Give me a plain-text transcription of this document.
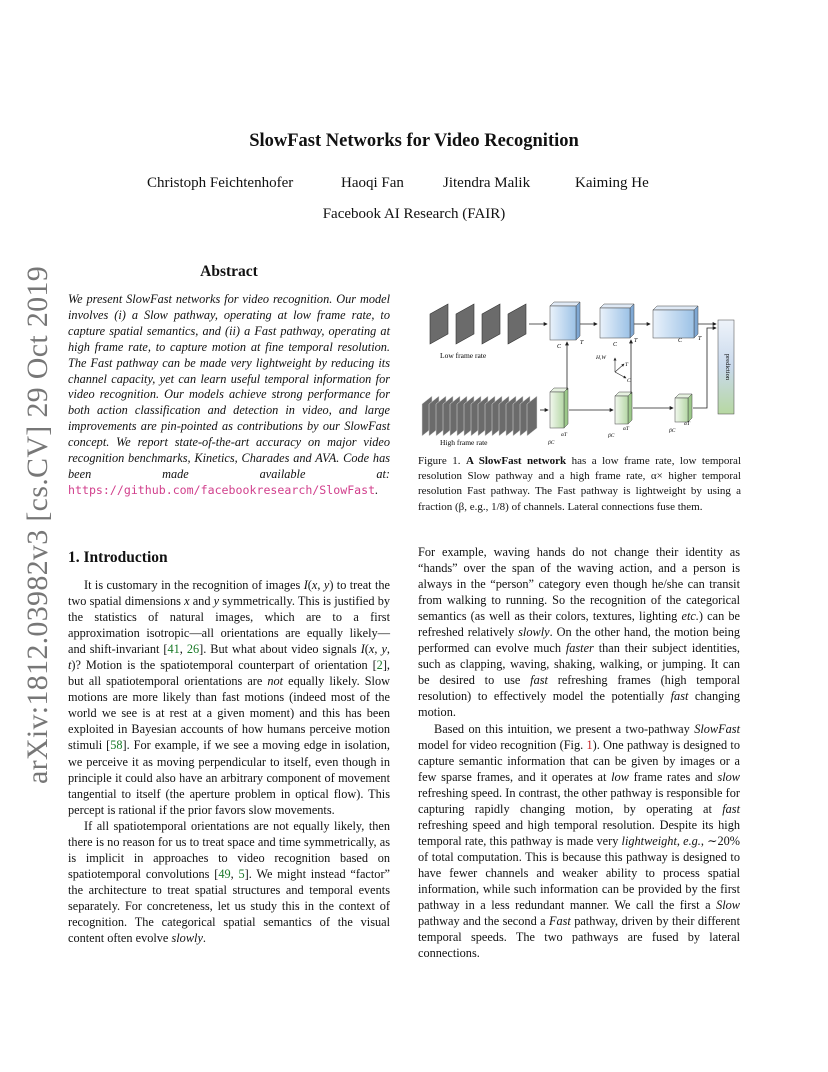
arXiv:1812.03982v3 [cs.CV] 29 Oct 2019
SlowFast Networks for Video Recognition
Christoph Feichtenhofer	Haoqi Fan	Jitendra Malik	Kaiming He
Facebook AI Research (FAIR)
Abstract
We present SlowFast networks for video recognition. Our model involves (i) a Slow pathway, operating at low frame rate, to capture spatial semantics, and (ii) a Fast pathway, operating at high frame rate, to capture motion at fine temporal resolution. The Fast pathway can be made very lightweight by reducing its channel capacity, yet can learn useful temporal information for video recognition. Our models achieve strong performance for both action classification and detection in video, and large improvements are pin-pointed as contributions by our SlowFast concept. We report state-of-the-art accuracy on major video recognition benchmarks, Kinetics, Charades and AVA. Code has been made available at: https://github.com/facebookresearch/SlowFast.
Low frame rate
High frame rate
C
T	C
T	C	T
H,W
T
C
αT
βC
αT
βC
αT
βC
prediction
Figure 1. A SlowFast network has a low frame rate, low temporal resolution Slow pathway and a high frame rate, α× higher temporal resolution Fast pathway. The Fast pathway is lightweight by using a fraction (β, e.g., 1/8) of channels. Lateral connections fuse them.
1. Introduction

It is customary in the recognition of images I(x, y) to treat the two spatial dimensions x and y symmetrically. This is justified by the statistics of natural images, which are to a first approximation isotropic—all orientations are equally likely—and shift-invariant [41, 26]. But what about video signals I(x, y, t)? Motion is the spatiotemporal counterpart of orientation [2], but all spatiotemporal orientations are not equally likely. Slow motions are more likely than fast motions (indeed most of the world we see is at rest at a given moment) and this has been exploited in Bayesian accounts of how humans perceive motion stimuli [58]. For example, if we see a moving edge in isolation, we perceive it as moving perpendicular to itself, even though in principle it could also have an arbitrary component of movement tangential to itself (the aperture problem in optical flow). This percept is rational if the prior favors slow movements.

If all spatiotemporal orientations are not equally likely, then there is no reason for us to treat space and time symmetrically, as is implicit in approaches to video recognition based on spatiotemporal convolutions [49, 5]. We might instead “factor” the architecture to treat spatial structures and temporal events separately. For concreteness, let us study this in the context of recognition. The categorical spatial semantics of the visual content often evolve slowly.

For example, waving hands do not change their identity as “hands” over the span of the waving action, and a person is always in the “person” category even though he/she can transit from walking to running. So the recognition of the categorical semantics (as well as their colors, textures, lighting etc.) can be refreshed relatively slowly. On the other hand, the motion being performed can evolve much faster than their subject identities, such as clapping, waving, shaking, walking, or jumping. It can be desired to use fast refreshing frames (high temporal resolution) to effectively model the potentially fast changing motion.

Based on this intuition, we present a two-pathway SlowFast model for video recognition (Fig. 1). One pathway is designed to capture semantic information that can be given by images or a few sparse frames, and it operates at low frame rates and slow refreshing speed. In contrast, the other pathway is responsible for capturing rapidly changing motion, by operating at fast refreshing speed and high temporal resolution. Despite its high temporal rate, this pathway is made very lightweight, e.g., ∼20% of total computation. This is because this pathway is designed to have fewer channels and weaker ability to process spatial information, while such information can be provided by the first pathway in a less redundant manner. We call the first a Slow pathway and the second a Fast pathway, driven by their different temporal speeds. The two pathways are fused by lateral connections.
